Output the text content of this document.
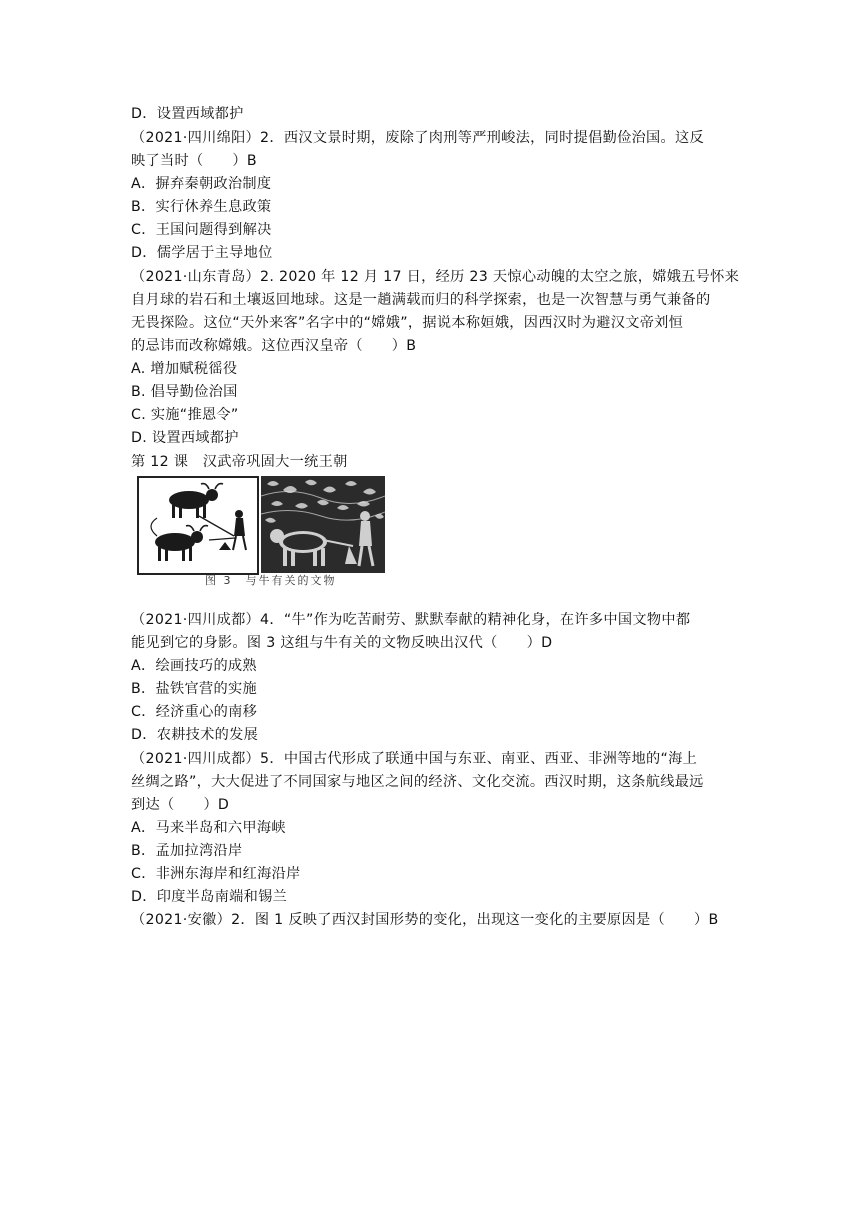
D．设置西域都护
（2021·四川绵阳）2．西汉文景时期，废除了肉刑等严刑峻法，同时提倡勤俭治国。这反
映了当时（　　）B
A．摒弃秦朝政治制度
B．实行休养生息政策
C．王国问题得到解决
D．儒学居于主导地位
（2021·山东青岛）2. 2020 年 12 月 17 日，经历 23 天惊心动魄的太空之旅，嫦娥五号怀来
自月球的岩石和土壤返回地球。这是一趟满载而归的科学探索，也是一次智慧与勇气兼备的
无畏探险。这位“天外来客”名字中的“嫦娥”，据说本称姮娥，因西汉时为避汉文帝刘恒
的忌讳而改称嫦娥。这位西汉皇帝（　　）B
A. 增加赋税徭役
B. 倡导勤俭治国
C. 实施“推恩令”
D. 设置西域都护
第 12 课　汉武帝巩固大一统王朝
图 3　与牛有关的文物
（2021·四川成都）4．“牛”作为吃苦耐劳、默默奉献的精神化身，在许多中国文物中都
能见到它的身影。图 3 这组与牛有关的文物反映出汉代（　　）D
A．绘画技巧的成熟
B．盐铁官营的实施
C．经济重心的南移
D．农耕技术的发展
（2021·四川成都）5．中国古代形成了联通中国与东亚、南亚、西亚、非洲等地的“海上
丝绸之路”，大大促进了不同国家与地区之间的经济、文化交流。西汉时期，这条航线最远
到达（　　）D
A．马来半岛和六甲海峡
B．孟加拉湾沿岸
C．非洲东海岸和红海沿岸
D．印度半岛南端和锡兰
（2021·安徽）2．图 1 反映了西汉封国形势的变化，出现这一变化的主要原因是（　　）B
